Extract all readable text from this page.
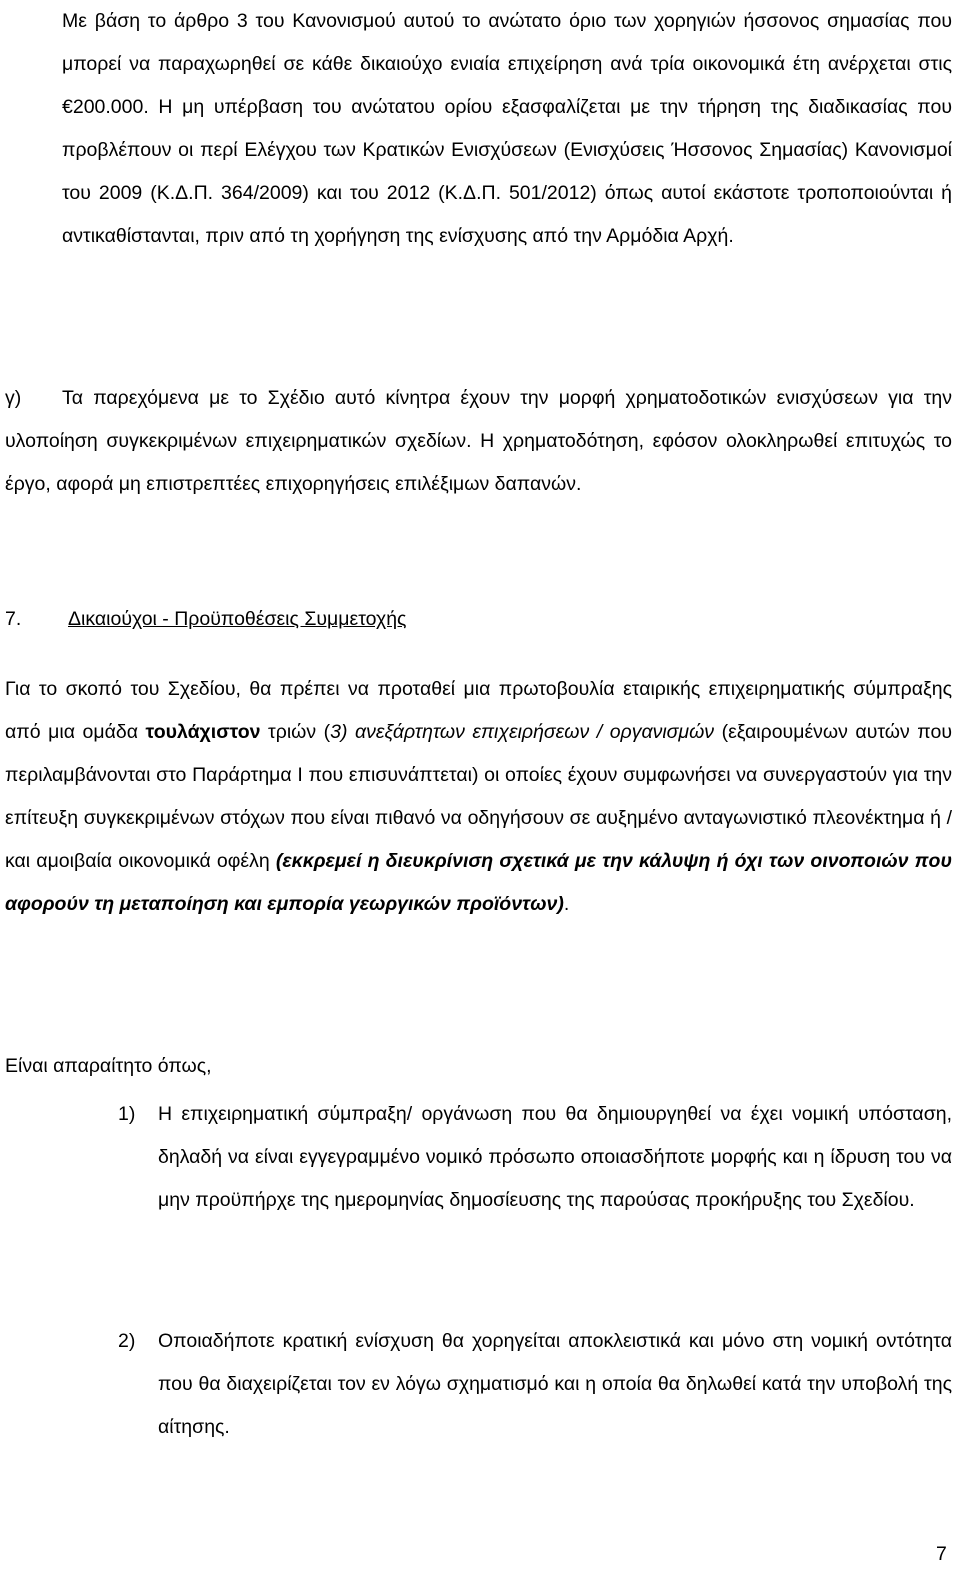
Με βάση το άρθρο 3 του Κανονισμού αυτού το ανώτατο όριο των χορηγιών ήσσονος σημασίας που μπορεί να παραχωρηθεί σε κάθε δικαιούχο ενιαία επιχείρηση ανά τρία οικονομικά έτη ανέρχεται στις €200.000. Η μη υπέρβαση του ανώτατου ορίου εξασφαλίζεται με την τήρηση της διαδικασίας που προβλέπουν οι περί Ελέγχου των Κρατικών Ενισχύσεων (Ενισχύσεις Ήσσονος Σημασίας) Κανονισμοί του 2009 (Κ.Δ.Π. 364/2009) και του 2012 (Κ.Δ.Π. 501/2012) όπως αυτοί εκάστοτε τροποποιούνται ή αντικαθίστανται, πριν από τη χορήγηση της ενίσχυσης από την Αρμόδια Αρχή.

γ) Τα παρεχόμενα με το Σχέδιο αυτό κίνητρα έχουν την μορφή χρηματοδοτικών ενισχύσεων για την υλοποίηση συγκεκριμένων επιχειρηματικών σχεδίων. Η χρηματοδότηση, εφόσον ολοκληρωθεί επιτυχώς το έργο, αφορά μη επιστρεπτέες επιχορηγήσεις επιλέξιμων δαπανών.

7. Δικαιούχοι - Προϋποθέσεις Συμμετοχής

Για το σκοπό του Σχεδίου, θα πρέπει να προταθεί μια πρωτοβουλία εταιρικής επιχειρηματικής σύμπραξης από μια ομάδα τουλάχιστον τριών (3) ανεξάρτητων επιχειρήσεων / οργανισμών (εξαιρουμένων αυτών που περιλαμβάνονται στο Παράρτημα Ι που επισυνάπτεται) οι οποίες έχουν συμφωνήσει να συνεργαστούν για την επίτευξη συγκεκριμένων στόχων που είναι πιθανό να οδηγήσουν σε αυξημένο ανταγωνιστικό πλεονέκτημα ή / και αμοιβαία οικονομικά οφέλη (εκκρεμεί η διευκρίνιση σχετικά με την κάλυψη ή όχι των οινοποιών που αφορούν τη μεταποίηση και εμπορία γεωργικών προϊόντων).

Είναι απαραίτητο όπως,
1) Η επιχειρηματική σύμπραξη/ οργάνωση που θα δημιουργηθεί να έχει νομική υπόσταση, δηλαδή να είναι εγγεγραμμένο νομικό πρόσωπο οποιασδήποτε μορφής και η ίδρυση του να μην προϋπήρχε της ημερομηνίας δημοσίευσης της παρούσας προκήρυξης του Σχεδίου.
2) Οποιαδήποτε κρατική ενίσχυση θα χορηγείται αποκλειστικά και μόνο στη νομική οντότητα που θα διαχειρίζεται τον εν λόγω σχηματισμό και η οποία θα δηλωθεί κατά την υποβολή της αίτησης.
7
